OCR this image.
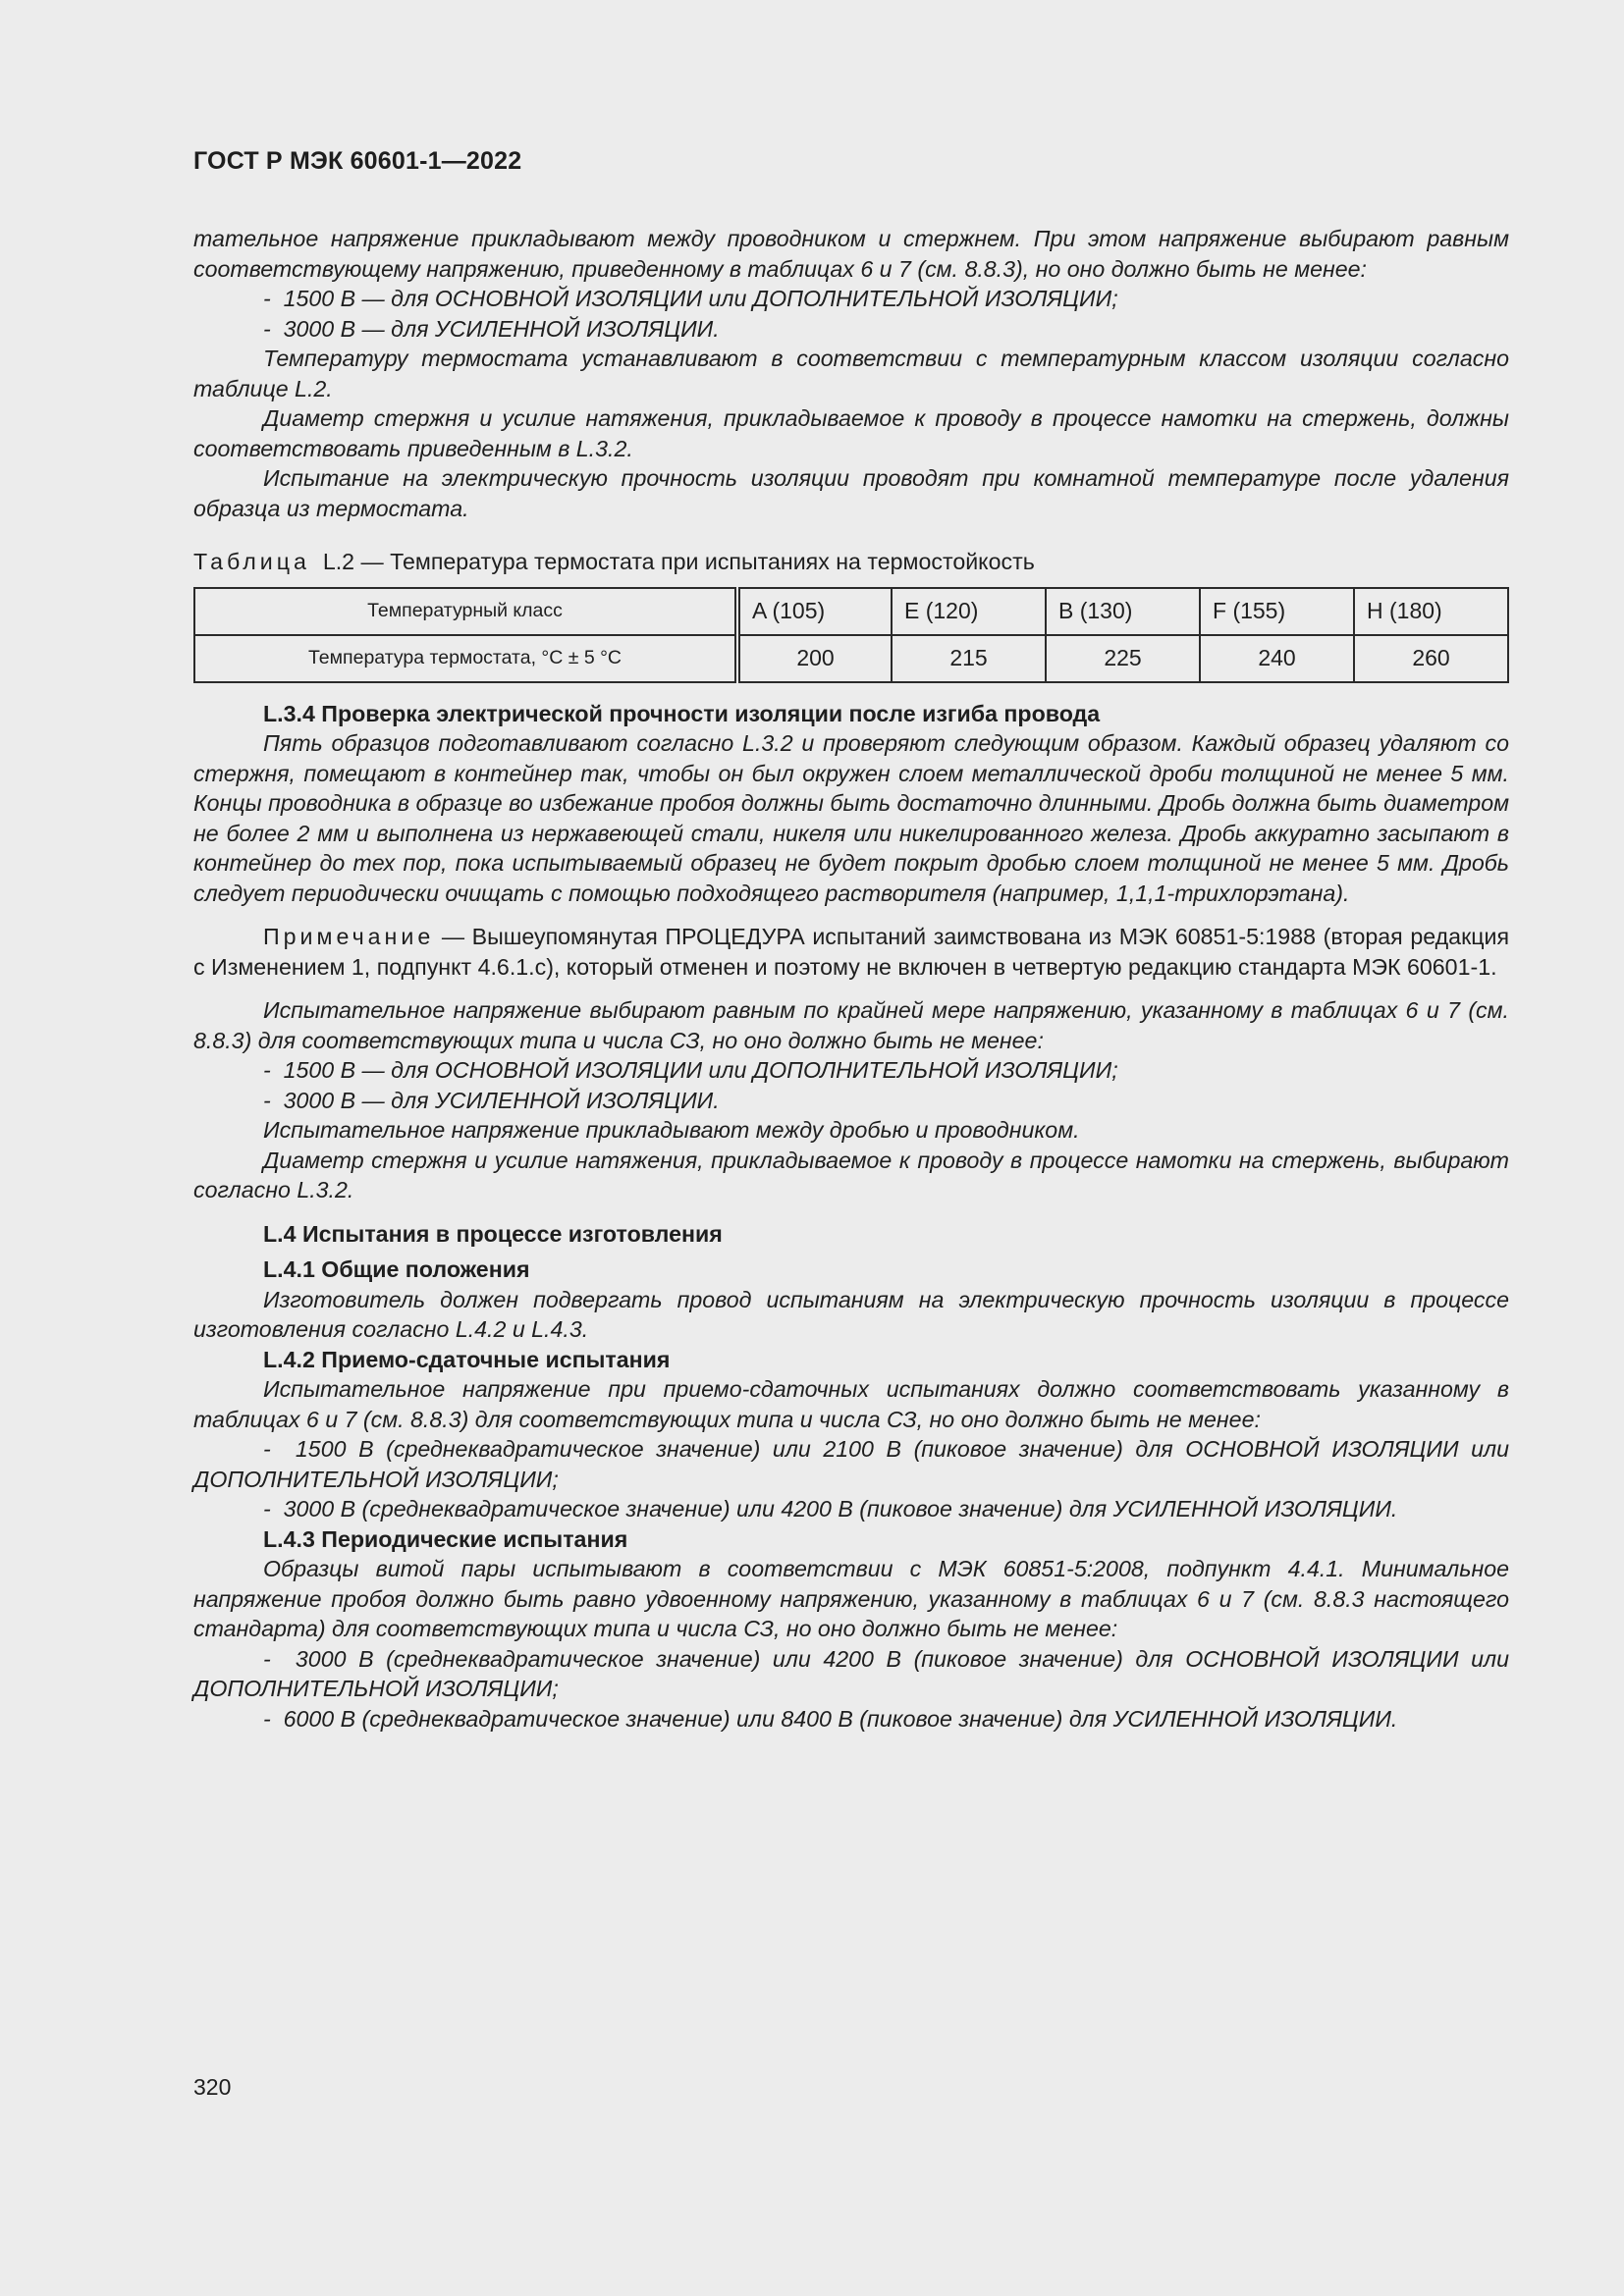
ГОСТ Р МЭК 60601-1—2022

тательное напряжение прикладывают между проводником и стержнем. При этом напряжение выбирают равным соответствующему напряжению, приведенному в таблицах 6 и 7 (см. 8.8.3), но оно должно быть не менее:

-  1500 В — для ОСНОВНОЙ ИЗОЛЯЦИИ или ДОПОЛНИТЕЛЬНОЙ ИЗОЛЯЦИИ;

-  3000 В — для УСИЛЕННОЙ ИЗОЛЯЦИИ.

Температуру термостата устанавливают в соответствии с температурным классом изоляции согласно таблице L.2.

Диаметр стержня и усилие натяжения, прикладываемое к проводу в процессе намотки на стержень, должны соответствовать приведенным в L.3.2.

Испытание на электрическую прочность изоляции проводят при комнатной температуре после удаления образца из термостата.

Таблица L.2 — Температура термостата при испытаниях на термостойкость

Температурный класс	A (105)	E (120)	B (130)	F (155)	H (180)
Температура термостата, °С ± 5 °С	200	215	225	240	260

L.3.4 Проверка электрической прочности изоляции после изгиба провода

Пять образцов подготавливают согласно L.3.2 и проверяют следующим образом. Каждый образец удаляют со стержня, помещают в контейнер так, чтобы он был окружен слоем металлической дроби толщиной не менее 5 мм. Концы проводника в образце во избежание пробоя должны быть достаточно длинными. Дробь должна быть диаметром не более 2 мм и выполнена из нержавеющей стали, никеля или никелированного железа. Дробь аккуратно засыпают в контейнер до тех пор, пока испытываемый образец не будет покрыт дробью слоем толщиной не менее 5 мм. Дробь следует периодически очищать с помощью подходящего растворителя (например, 1,1,1-трихлорэтана).

Примечание — Вышеупомянутая ПРОЦЕДУРА испытаний заимствована из МЭК 60851-5:1988 (вторая редакция с Изменением 1, подпункт 4.6.1.с), который отменен и поэтому не включен в четвертую редакцию стандарта МЭК 60601-1.

Испытательное напряжение выбирают равным по крайней мере напряжению, указанному в таблицах 6 и 7 (см. 8.8.3) для соответствующих типа и числа СЗ, но оно должно быть не менее:

-  1500 В — для ОСНОВНОЙ ИЗОЛЯЦИИ или ДОПОЛНИТЕЛЬНОЙ ИЗОЛЯЦИИ;

-  3000 В — для УСИЛЕННОЙ ИЗОЛЯЦИИ.

Испытательное напряжение прикладывают между дробью и проводником.

Диаметр стержня и усилие натяжения, прикладываемое к проводу в процессе намотки на стержень, выбирают согласно L.3.2.

L.4 Испытания в процессе изготовления

L.4.1 Общие положения

Изготовитель должен подвергать провод испытаниям на электрическую прочность изоляции в процессе изготовления согласно L.4.2 и L.4.3.

L.4.2 Приемо-сдаточные испытания

Испытательное напряжение при приемо-сдаточных испытаниях должно соответствовать указанному в таблицах 6 и 7 (см. 8.8.3) для соответствующих типа и числа СЗ, но оно должно быть не менее:

-  1500 В (среднеквадратическое значение) или 2100 В (пиковое значение) для ОСНОВНОЙ ИЗОЛЯЦИИ или ДОПОЛНИТЕЛЬНОЙ ИЗОЛЯЦИИ;

-  3000 В (среднеквадратическое значение) или 4200 В (пиковое значение) для УСИЛЕННОЙ ИЗОЛЯЦИИ.

L.4.3 Периодические испытания

Образцы витой пары испытывают в соответствии с МЭК 60851-5:2008, подпункт 4.4.1. Минимальное напряжение пробоя должно быть равно удвоенному напряжению, указанному в таблицах 6 и 7 (см. 8.8.3 настоящего стандарта) для соответствующих типа и числа СЗ, но оно должно быть не менее:

-  3000 В (среднеквадратическое значение) или 4200 В (пиковое значение) для ОСНОВНОЙ ИЗОЛЯЦИИ или ДОПОЛНИТЕЛЬНОЙ ИЗОЛЯЦИИ;

-  6000 В (среднеквадратическое значение) или 8400 В (пиковое значение) для УСИЛЕННОЙ ИЗОЛЯЦИИ.

320
